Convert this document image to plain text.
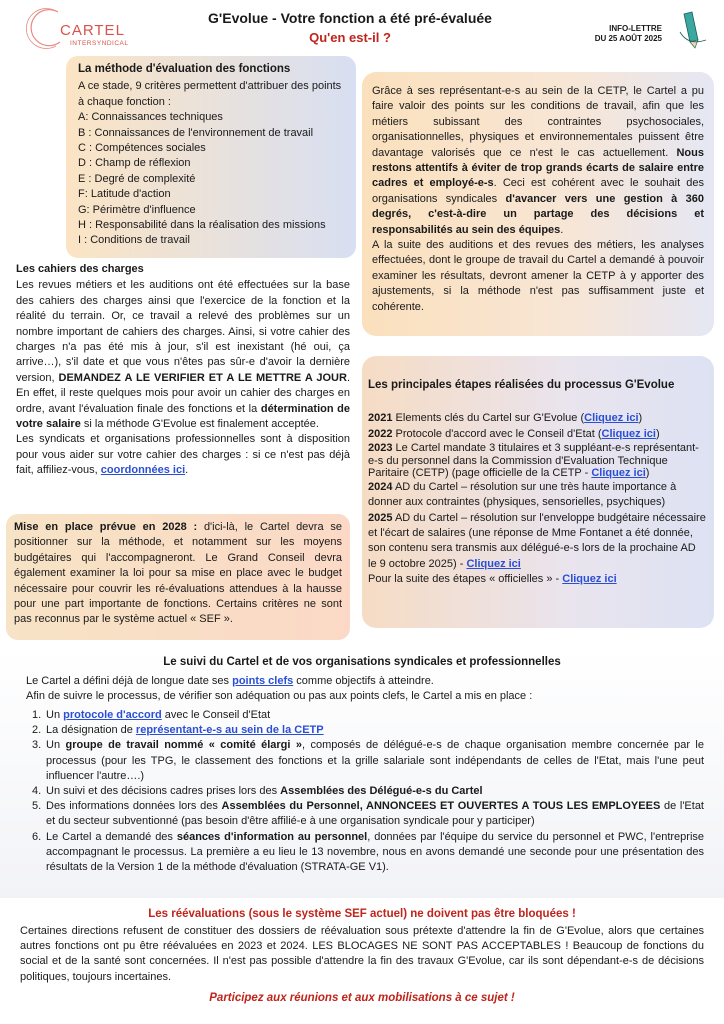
CARTEL
INTERSYNDICAL
G'Evolue - Votre fonction a été pré-évaluée
Qu'en est-il ?
INFO-LETTRE
DU 25 AOÛT 2025
La méthode d'évaluation des fonctions
A ce stade, 9 critères permettent d'attribuer des points à chaque fonction :
A: Connaissances techniques
B : Connaissances de l'environnement de travail
C : Compétences sociales
D : Champ de réflexion
E : Degré de complexité
F: Latitude d'action
G: Périmètre d'influence
H : Responsabilité dans la réalisation des missions
I : Conditions de travail

Grâce à ses représentant-e-s au sein de la CETP, le Cartel a pu faire valoir des points sur les conditions de travail, afin que les métiers subissant des contraintes psychosociales, organisationnelles, physiques et environnementales puissent être davantage valorisés que ce n'est le cas actuellement. Nous restons attentifs à éviter de trop grands écarts de salaire entre cadres et employé-e-s. Ceci est cohérent avec le souhait des organisations syndicales d'avancer vers une gestion à 360 degrés, c'est-à-dire un partage des décisions et responsabilités au sein des équipes.

A la suite des auditions et des revues des métiers, les analyses effectuées, dont le groupe de travail du Cartel a demandé à pouvoir examiner les résultats, devront amener la CETP à y apporter des ajustements, si la méthode n'est pas suffisamment juste et cohérente.

Les cahiers des charges

Les revues métiers et les auditions ont été effectuées sur la base des cahiers des charges ainsi que l'exercice de la fonction et la réalité du terrain. Or, ce travail a relevé des problèmes sur un nombre important de cahiers des charges. Ainsi, si votre cahier des charges n'a pas été mis à jour, s'il est inexistant (hé oui, ça arrive…), s'il date et que vous n'êtes pas sûr-e d'avoir la dernière version, DEMANDEZ A LE VERIFIER ET A LE METTRE A JOUR. En effet, il reste quelques mois pour avoir un cahier des charges en ordre, avant l'évaluation finale des fonctions et la détermination de votre salaire si la méthode G'Evolue est finalement acceptée.

Les syndicats et organisations professionnelles sont à disposition pour vous aider sur votre cahier des charges : si ce n'est pas déjà fait, affiliez-vous, coordonnées ici.

Mise en place prévue en 2028 : d'ici-là, le Cartel devra se positionner sur la méthode, et notamment sur les moyens budgétaires qui l'accompagneront. Le Grand Conseil devra également examiner la loi pour sa mise en place avec le budget nécessaire pour couvrir les ré-évaluations attendues à la hausse pour une part importante de fonctions. Certains critères ne sont pas reconnus par le système actuel « SEF ».
Les principales étapes réalisées du processus G'Evolue
2021 Elements clés du Cartel sur G'Evolue (Cliquez ici)
2022 Protocole d'accord avec le Conseil d'Etat (Cliquez ici)
2023 Le Cartel mandate 3 titulaires et 3 suppléant-e-s représentant-e-s du personnel dans la Commission d'Evaluation Technique Paritaire (CETP) (page officielle de la CETP - Cliquez ici)
2024 AD du Cartel – résolution sur une très haute importance à donner aux contraintes (physiques, sensorielles, psychiques)
2025 AD du Cartel – résolution sur l'enveloppe budgétaire nécessaire et l'écart de salaires (une réponse de Mme Fontanet a été donnée, son contenu sera transmis aux délégué-e-s lors de la prochaine AD le 9 octobre 2025) - Cliquez ici
Pour la suite des étapes « officielles » - Cliquez ici
Le suivi du Cartel et de vos organisations syndicales et professionnelles
Le Cartel a défini déjà de longue date ses points clefs comme objectifs à atteindre.
Afin de suivre le processus, de vérifier son adéquation ou pas aux points clefs, le Cartel a mis en place :
1. Un protocole d'accord avec le Conseil d'Etat
2. La désignation de représentant-e-s au sein de la CETP
3. Un groupe de travail nommé « comité élargi », composés de délégué-e-s de chaque organisation membre concernée par le processus (pour les TPG, le classement des fonctions et la grille salariale sont indépendants de celles de l'Etat, mais l'une peut influencer l'autre….)
4. Un suivi et des décisions cadres prises lors des Assemblées des Délégué-e-s du Cartel
5. Des informations données lors des Assemblées du Personnel, ANNONCEES ET OUVERTES A TOUS LES EMPLOYEES de l'Etat et du secteur subventionné (pas besoin d'être affilié-e à une organisation syndicale pour y participer)
6. Le Cartel a demandé des séances d'information au personnel, données par l'équipe du service du personnel et PWC, l'entreprise accompagnant le processus. La première a eu lieu le 13 novembre, nous en avons demandé une seconde pour une présentation des résultats de la Version 1 de la méthode d'évaluation (STRATA-GE V1).
Les réévaluations (sous le système SEF actuel) ne doivent pas être bloquées !
Certaines directions refusent de constituer des dossiers de réévaluation sous prétexte d'attendre la fin de G'Evolue, alors que certaines autres fonctions ont pu être réévaluées en 2023 et 2024. LES BLOCAGES NE SONT PAS ACCEPTABLES ! Beaucoup de fonctions du social et de la santé sont concernées. Il n'est pas possible d'attendre la fin des travaux G'Evolue, car ils sont dépendant-e-s de décisions politiques, toujours incertaines.
Participez aux réunions et aux mobilisations à ce sujet !
